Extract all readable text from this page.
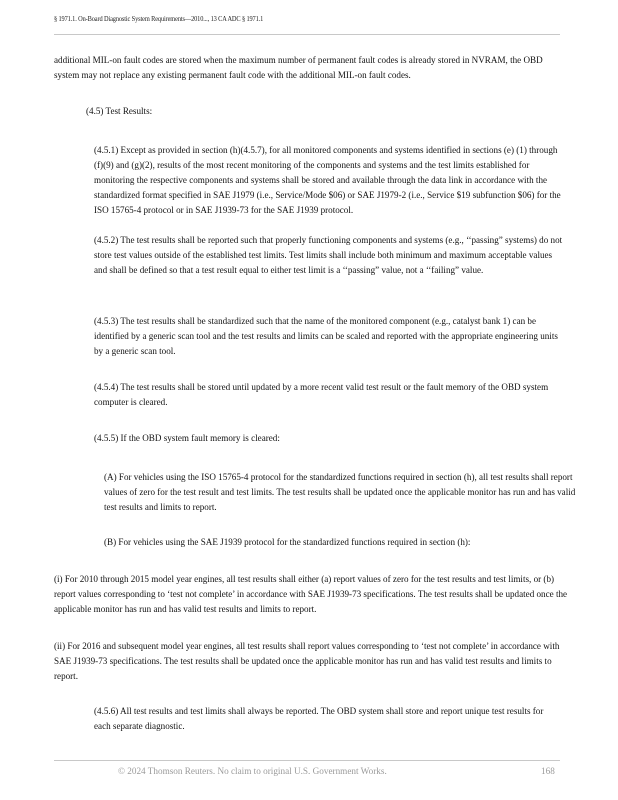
§ 1971.1. On-Board Diagnostic System Requirements—2010..., 13 CA ADC § 1971.1

additional MIL-on fault codes are stored when the maximum number of permanent fault codes is already stored in NVRAM, the OBD system may not replace any existing permanent fault code with the additional MIL-on fault codes.

(4.5) Test Results:

(4.5.1) Except as provided in section (h)(4.5.7), for all monitored components and systems identified in sections (e) (1) through (f)(9) and (g)(2), results of the most recent monitoring of the components and systems and the test limits established for monitoring the respective components and systems shall be stored and available through the data link in accordance with the standardized format specified in SAE J1979 (i.e., Service/Mode $06) or SAE J1979-2 (i.e., Service $19 subfunction $06) for the ISO 15765-4 protocol or in SAE J1939-73 for the SAE J1939 protocol.

(4.5.2) The test results shall be reported such that properly functioning components and systems (e.g., ‘‘passing” systems) do not store test values outside of the established test limits. Test limits shall include both minimum and maximum acceptable values and shall be defined so that a test result equal to either test limit is a ‘‘passing” value, not a ‘‘failing” value.

(4.5.3) The test results shall be standardized such that the name of the monitored component (e.g., catalyst bank 1) can be identified by a generic scan tool and the test results and limits can be scaled and reported with the appropriate engineering units by a generic scan tool.

(4.5.4) The test results shall be stored until updated by a more recent valid test result or the fault memory of the OBD system computer is cleared.

(4.5.5) If the OBD system fault memory is cleared:

(A) For vehicles using the ISO 15765-4 protocol for the standardized functions required in section (h), all test results shall report values of zero for the test result and test limits. The test results shall be updated once the applicable monitor has run and has valid test results and limits to report.

(B) For vehicles using the SAE J1939 protocol for the standardized functions required in section (h):

(i) For 2010 through 2015 model year engines, all test results shall either (a) report values of zero for the test results and test limits, or (b) report values corresponding to ‘test not complete’ in accordance with SAE J1939-73 specifications. The test results shall be updated once the applicable monitor has run and has valid test results and limits to report.

(ii) For 2016 and subsequent model year engines, all test results shall report values corresponding to ‘test not complete’ in accordance with SAE J1939-73 specifications. The test results shall be updated once the applicable monitor has run and has valid test results and limits to report.

(4.5.6) All test results and test limits shall always be reported. The OBD system shall store and report unique test results for each separate diagnostic.

© 2024 Thomson Reuters. No claim to original U.S. Government Works.	168
